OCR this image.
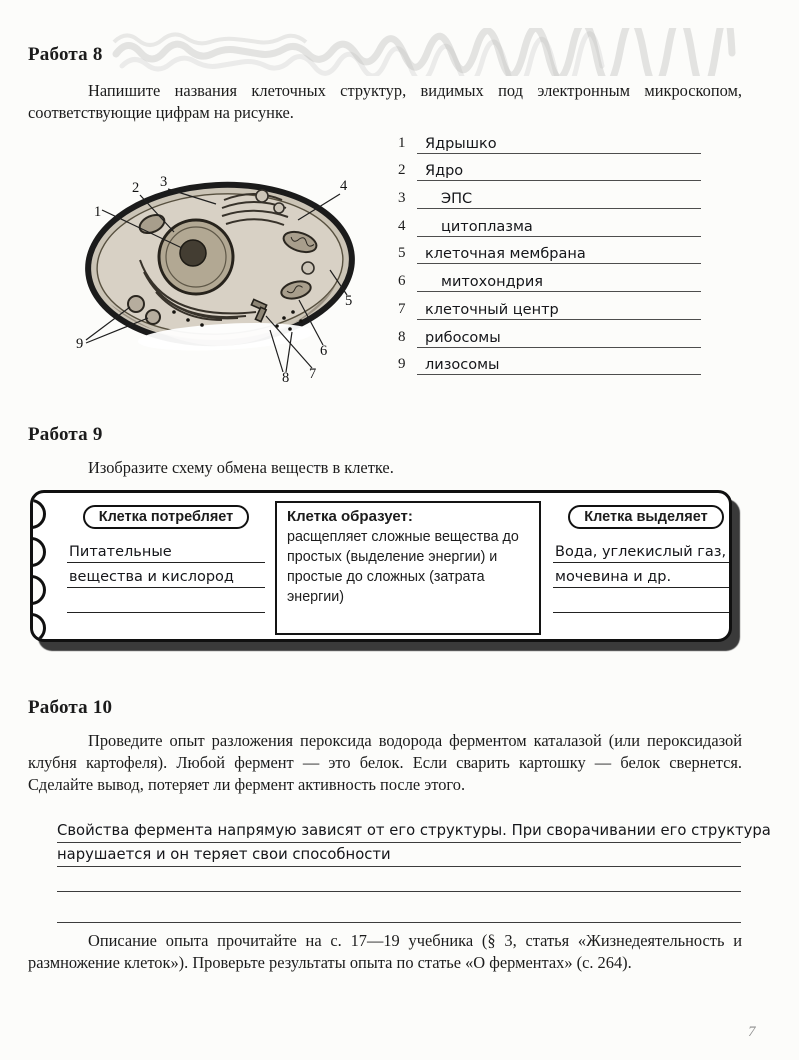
Работа 8

Напишите названия клеточных структур, видимых под электронным микроскопом, соответствующие цифрам на рисунке.

1
2 3	4
5
6
7
8
9
1	Ядрышко
2	Ядро
3	ЭПС
4	цитоплазма
5	клеточная мембрана
6	митохондрия
7	клеточный центр
8	рибосомы
9	лизосомы
Работа 9

Изобразите схему обмена веществ в клетке.

Клетка потребляет
Питательные
вещества и кислород
Клетка образует:
расщепляет сложные вещества до простых (выделение энергии) и простые до сложных (затрата энергии)
Клетка выделяет
Вода, углекислый газ,
мочевина и др.
Работа 10

Проведите опыт разложения пероксида водорода ферментом каталазой (или пероксидазой клубня картофеля). Любой фермент — это белок. Если сварить картошку — белок свернется. Сделайте вывод, потеряет ли фермент активность после этого.

Свойства фермента напрямую зависят от его структуры. При сворачивании его структура
нарушается и он теряет свои способности

Описание опыта прочитайте на с. 17—19 учебника (§ 3, статья «Жизнедеятельность и размножение клеток»). Проверьте результаты опыта по статье «О ферментах» (с. 264).

7
